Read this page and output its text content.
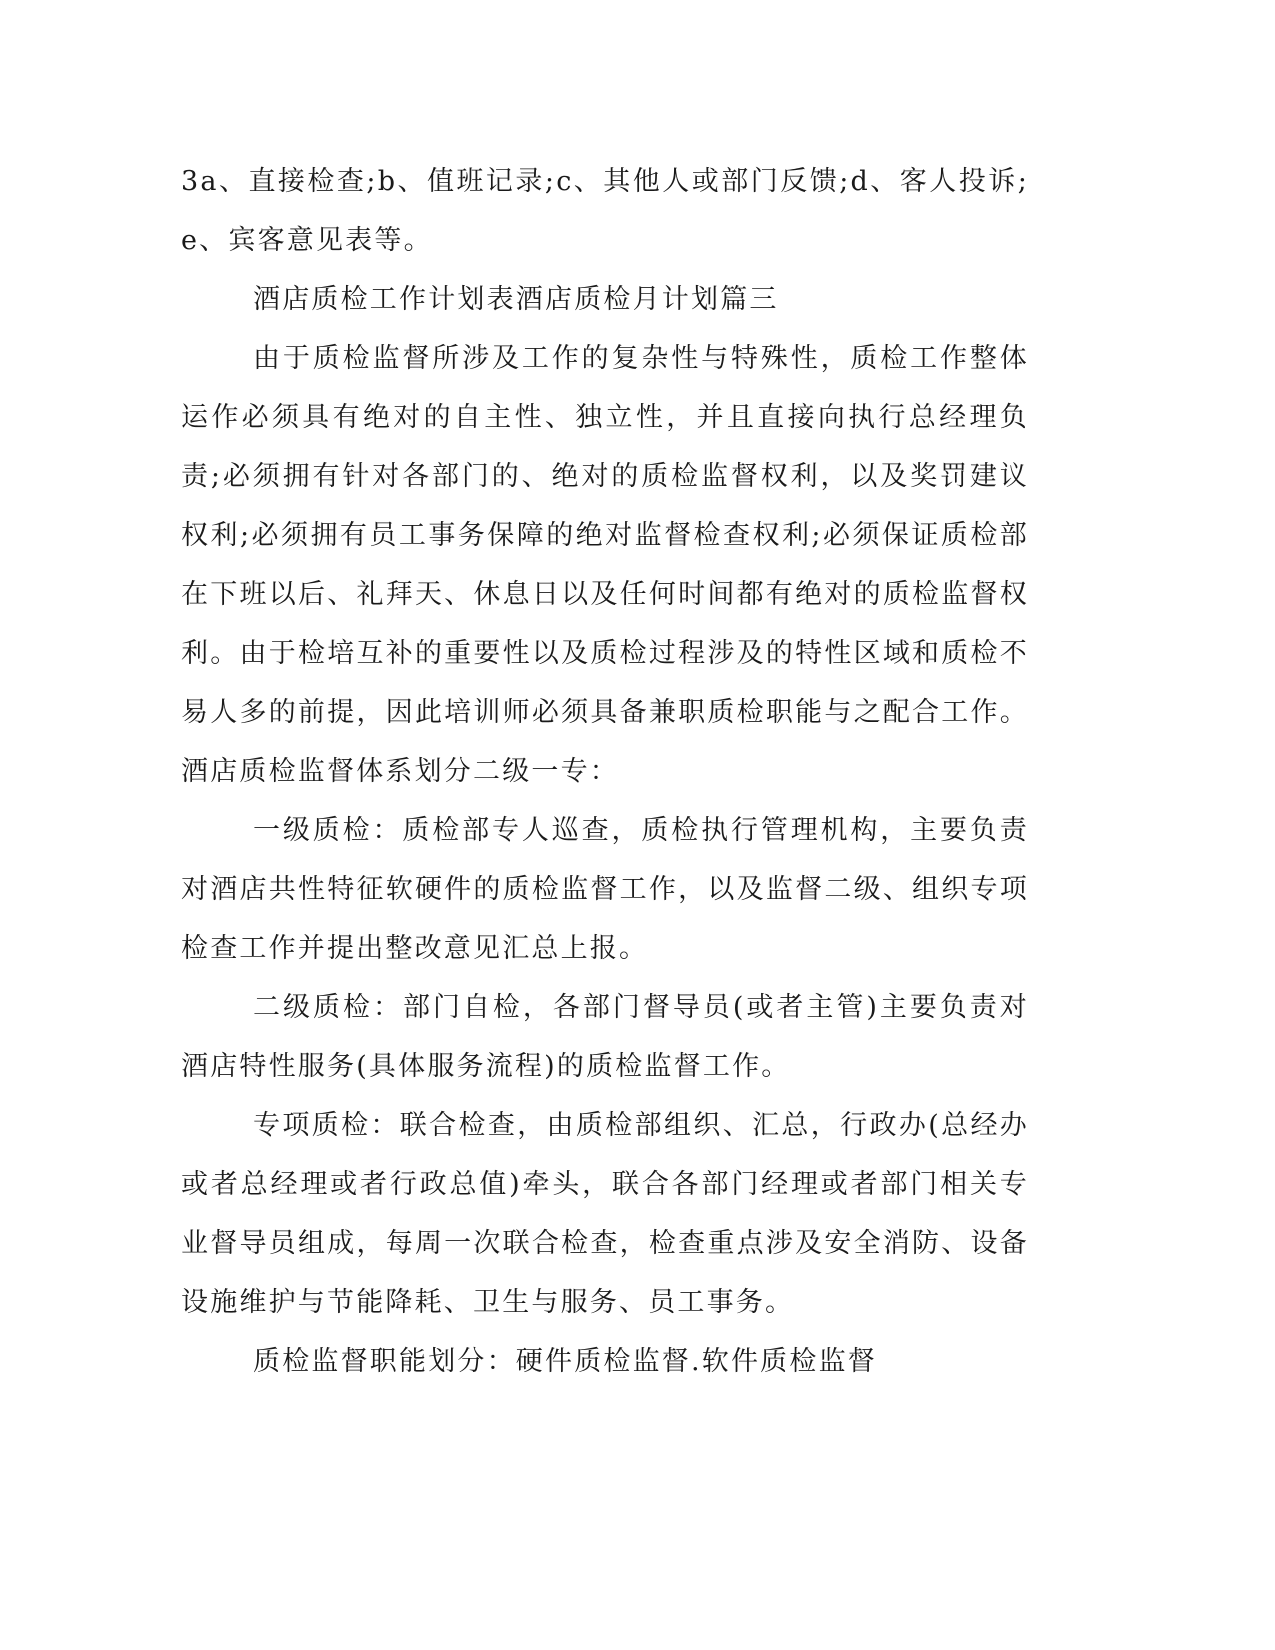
3a、直接检查;b、值班记录;c、其他人或部门反馈;d、客人投诉;e、宾客意见表等。

酒店质检工作计划表酒店质检月计划篇三

由于质检监督所涉及工作的复杂性与特殊性，质检工作整体运作必须具有绝对的自主性、独立性，并且直接向执行总经理负责;必须拥有针对各部门的、绝对的质检监督权利，以及奖罚建议权利;必须拥有员工事务保障的绝对监督检查权利;必须保证质检部在下班以后、礼拜天、休息日以及任何时间都有绝对的质检监督权利。由于检培互补的重要性以及质检过程涉及的特性区域和质检不易人多的前提，因此培训师必须具备兼职质检职能与之配合工作。酒店质检监督体系划分二级一专：

一级质检：质检部专人巡查，质检执行管理机构，主要负责对酒店共性特征软硬件的质检监督工作，以及监督二级、组织专项检查工作并提出整改意见汇总上报。

二级质检：部门自检，各部门督导员(或者主管)主要负责对酒店特性服务(具体服务流程)的质检监督工作。

专项质检：联合检查，由质检部组织、汇总，行政办(总经办或者总经理或者行政总值)牵头，联合各部门经理或者部门相关专业督导员组成，每周一次联合检查，检查重点涉及安全消防、设备设施维护与节能降耗、卫生与服务、员工事务。

质检监督职能划分：硬件质检监督.软件质检监督
